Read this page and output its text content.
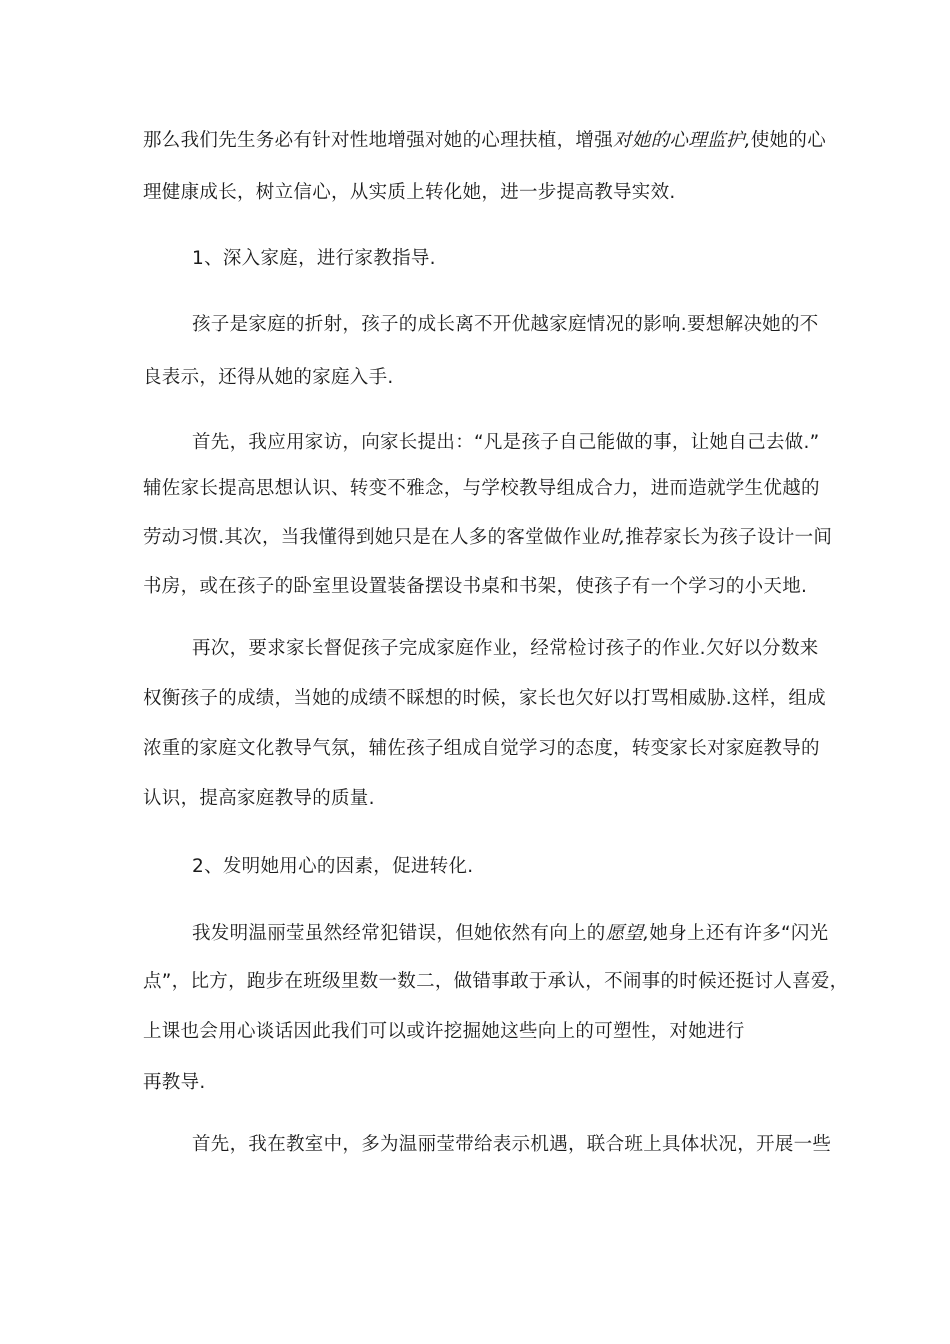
那么我们先生务必有针对性地增强对她的心理扶植，增强对她的心理监护,使她的心
理健康成长，树立信心，从实质上转化她，进一步提高教导实效.
1、深入家庭，进行家教指导.
孩子是家庭的折射，孩子的成长离不开优越家庭情况的影响.要想解决她的不
良表示，还得从她的家庭入手.
首先，我应用家访，向家长提出：“凡是孩子自己能做的事，让她自己去做.”
辅佐家长提高思想认识、转变不雅念，与学校教导组成合力，进而造就学生优越的
劳动习惯.其次，当我懂得到她只是在人多的客堂做作业时,推荐家长为孩子设计一间
书房，或在孩子的卧室里设置装备摆设书桌和书架，使孩子有一个学习的小天地.
再次，要求家长督促孩子完成家庭作业，经常检讨孩子的作业.欠好以分数来
权衡孩子的成绩，当她的成绩不睬想的时候，家长也欠好以打骂相威胁.这样，组成
浓重的家庭文化教导气氛，辅佐孩子组成自觉学习的态度，转变家长对家庭教导的
认识，提高家庭教导的质量.
2、发明她用心的因素，促进转化.
我发明温丽莹虽然经常犯错误，但她依然有向上的愿望,她身上还有许多“闪光
点”，比方，跑步在班级里数一数二，做错事敢于承认，不闹事的时候还挺讨人喜爱，
上课也会用心谈话因此我们可以或许挖掘她这些向上的可塑性，对她进行
再教导.
首先，我在教室中，多为温丽莹带给表示机遇，联合班上具体状况，开展一些
